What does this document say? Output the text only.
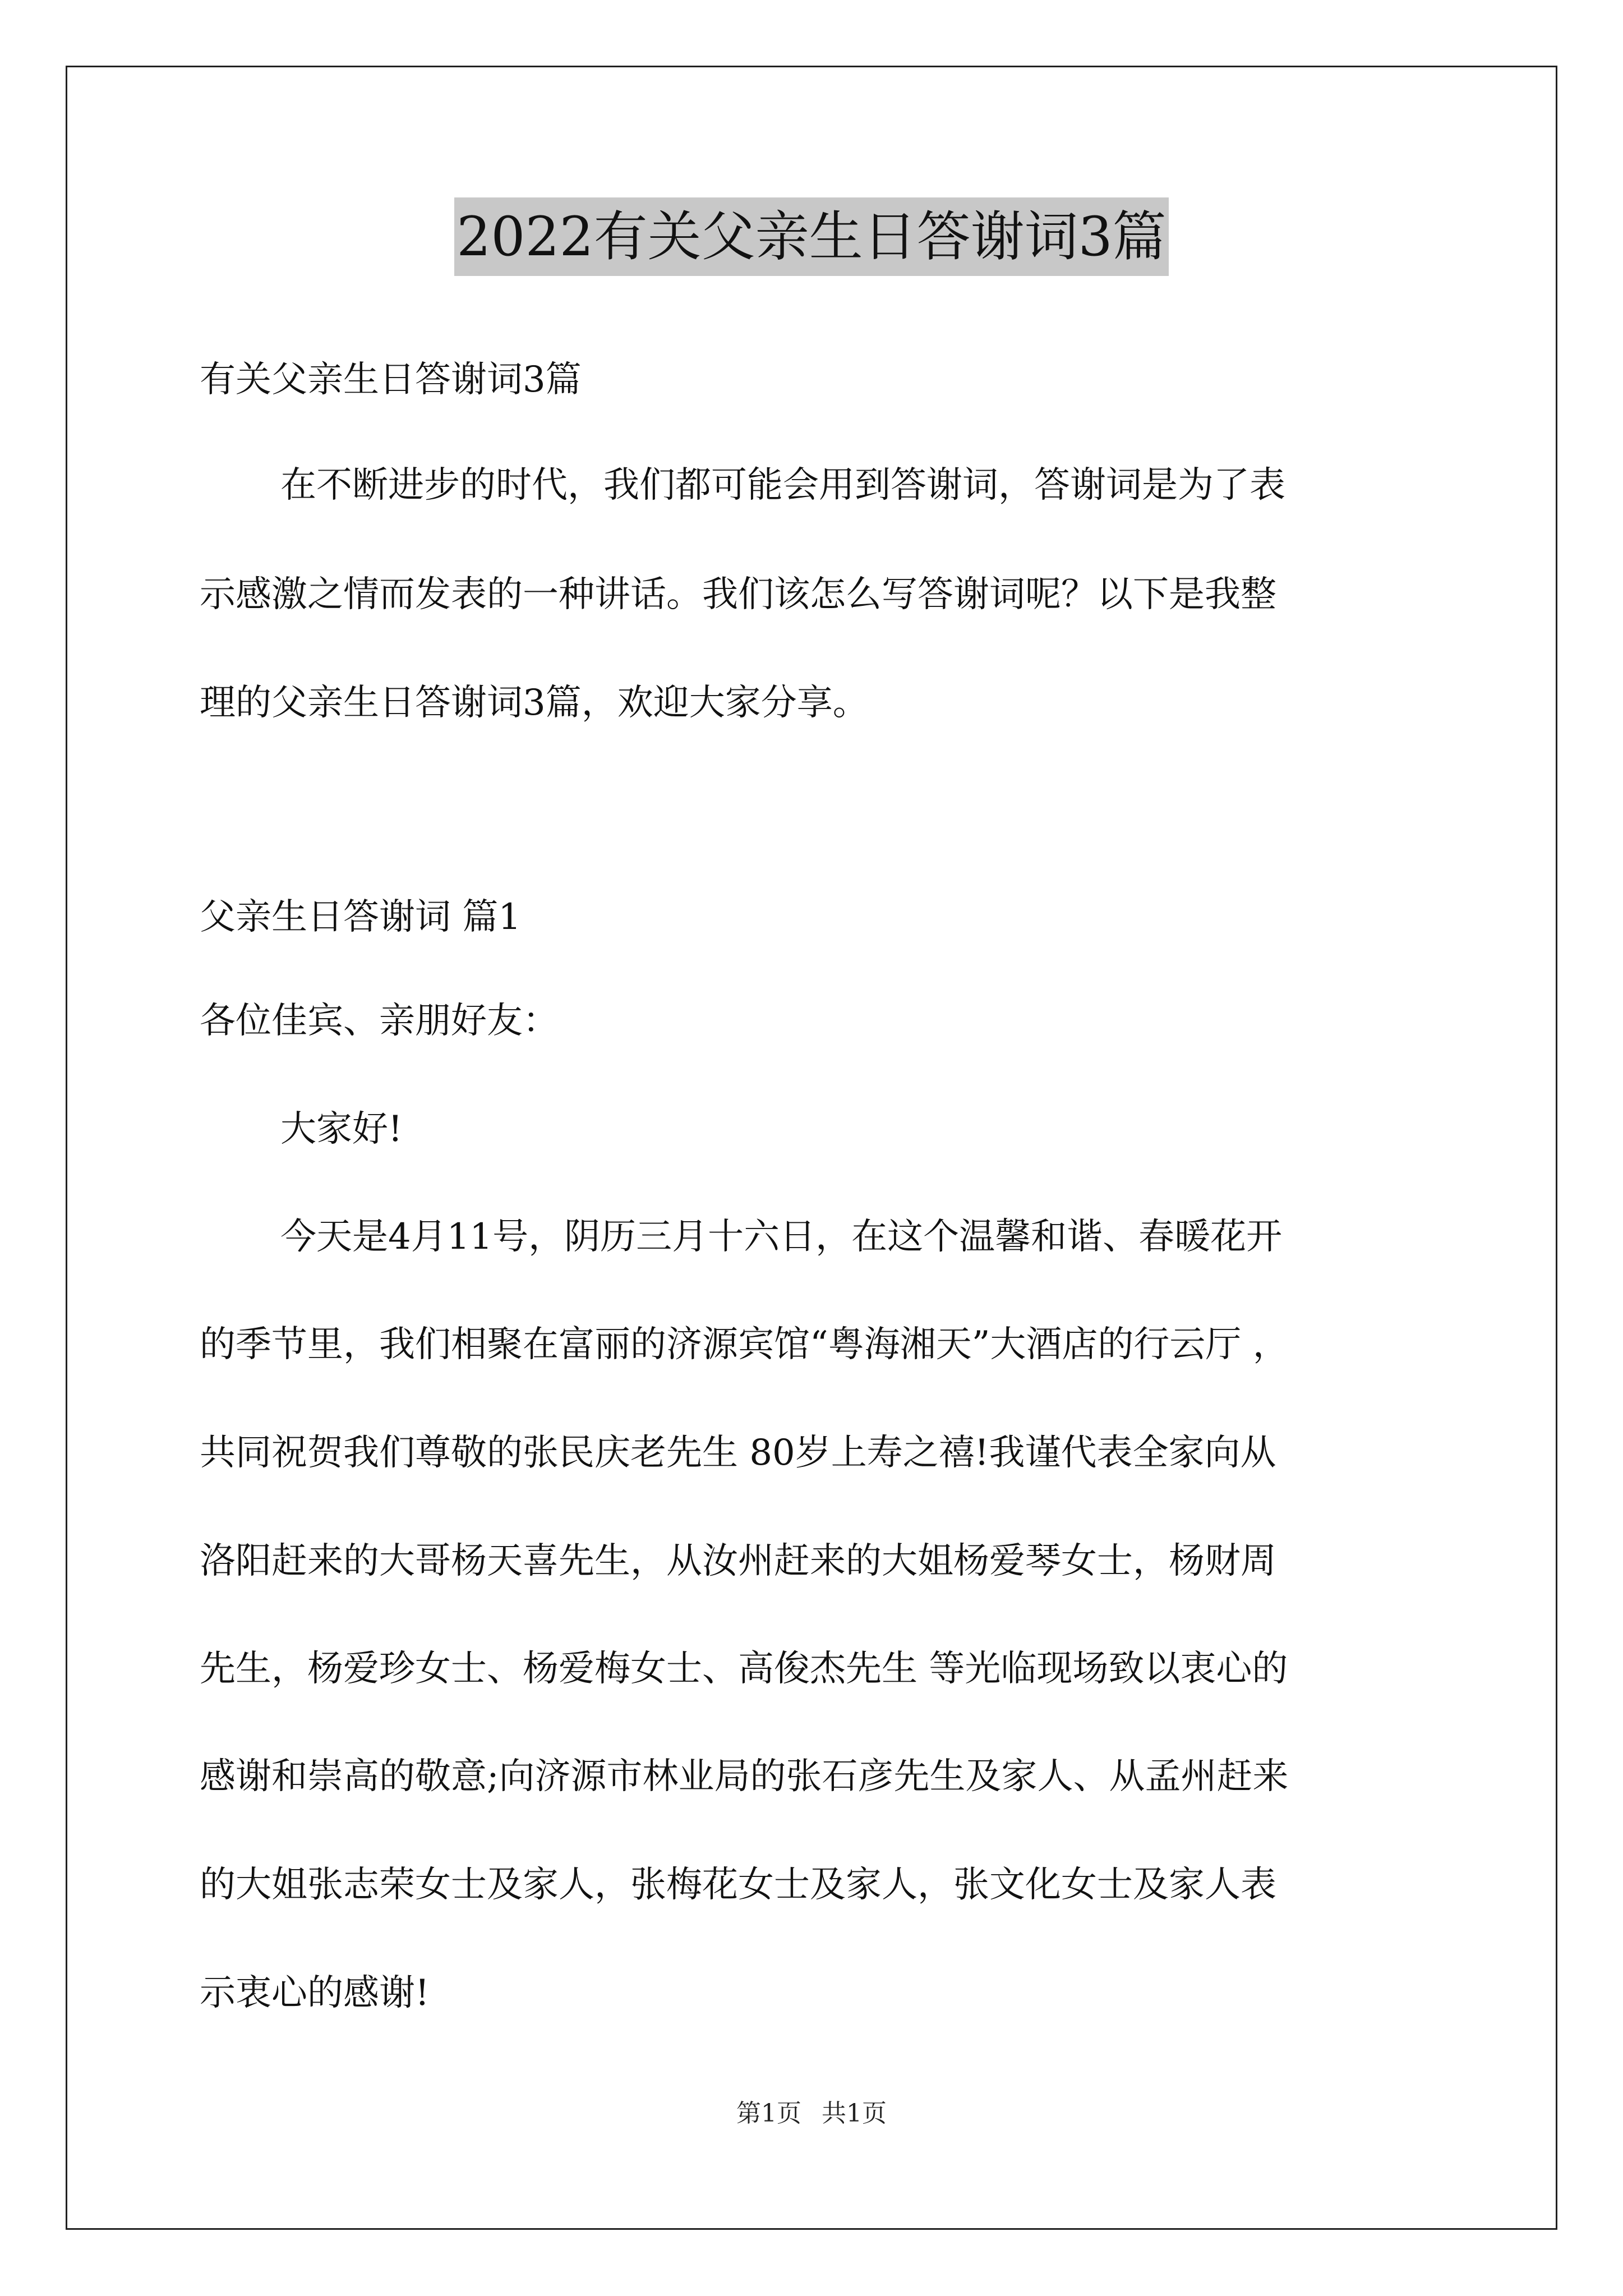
2022有关父亲生日答谢词3篇
有关父亲生日答谢词3篇
在不断进步的时代，我们都可能会用到答谢词，答谢词是为了表
示感激之情而发表的一种讲话。我们该怎么写答谢词呢？以下是我整
理的父亲生日答谢词3篇，欢迎大家分享。
父亲生日答谢词 篇1
各位佳宾、亲朋好友：
大家好!
今天是4月11号，阴历三月十六日，在这个温馨和谐、春暖花开
的季节里，我们相聚在富丽的济源宾馆“粤海湘天”大酒店的行云厅 ，
共同祝贺我们尊敬的张民庆老先生 80岁上寿之禧!我谨代表全家向从
洛阳赶来的大哥杨天喜先生，从汝州赶来的大姐杨爱琴女士，杨财周
先生，杨爱珍女士、杨爱梅女士、高俊杰先生 等光临现场致以衷心的
感谢和崇高的敬意;向济源市林业局的张石彦先生及家人、从孟州赶来
的大姐张志荣女士及家人，张梅花女士及家人，张文化女士及家人表
示衷心的感谢!
第1页 共1页
